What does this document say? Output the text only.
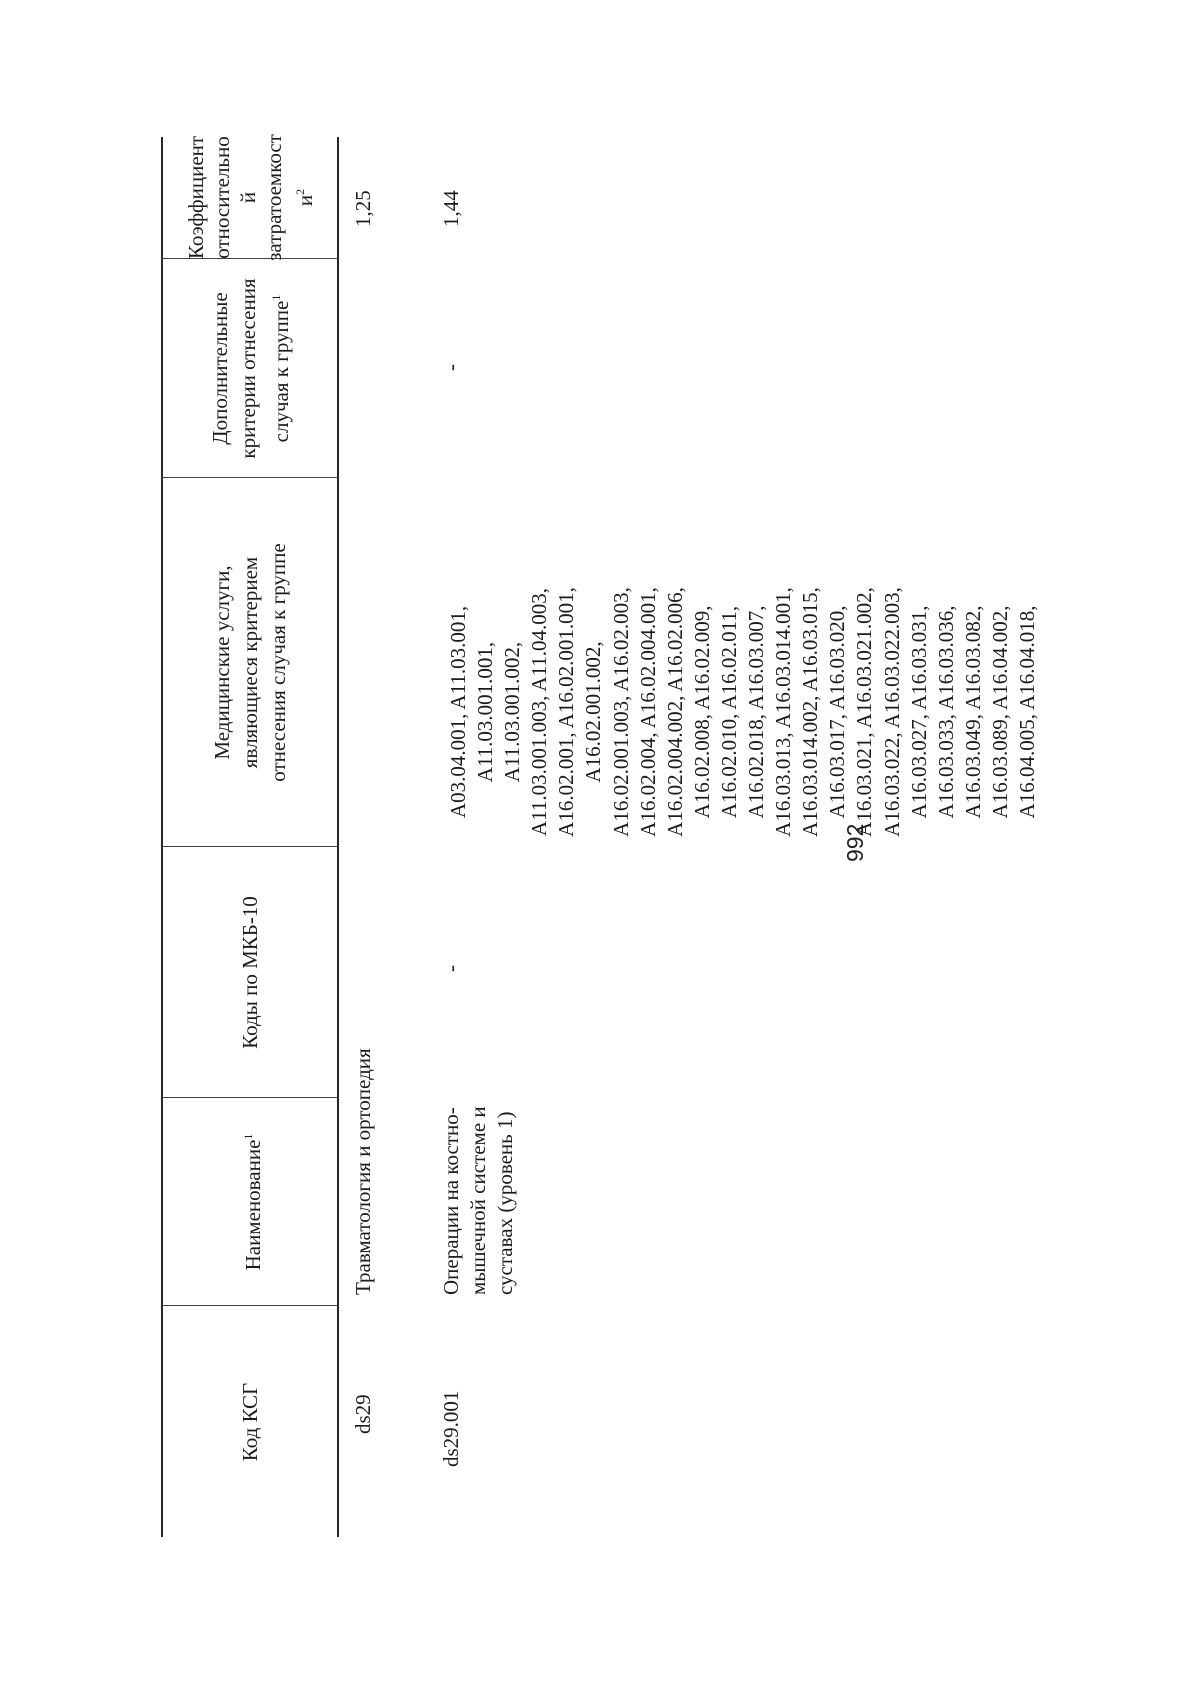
992
Код КСГ
Наименование$^1$
Коды по МКБ-10
Медицинские услуги, являющиеся критерием отнесения случая к группе
Дополнительные критерии отнесения случая к группе$^1$
Коэффициент относительно й затратоемкост $и^2$
ds29
Травматология и ортопедия
1,25
ds29.001
Операции на костно- мышечной системе и суставах (уровень 1)
-
A03.04.001, A11.03.001, A11.03.001.001, A11.03.001.002, A11.03.001.003, A11.04.003, A16.02.001, A16.02.001.001, A16.02.001.002, A16.02.001.003, A16.02.003, A16.02.004, A16.02.004.001, A16.02.004.002, A16.02.006, A16.02.008, A16.02.009, A16.02.010, A16.02.011, A16.02.018, A16.03.007, A16.03.013, A16.03.014.001, A16.03.014.002, A16.03.015, A16.03.017, A16.03.020, A16.03.021, A16.03.021.002, A16.03.022, A16.03.022.003, A16.03.027, A16.03.031, A16.03.033, A16.03.036, A16.03.049, A16.03.082, A16.03.089, A16.04.002, A16.04.005, A16.04.018,
-
1,44
